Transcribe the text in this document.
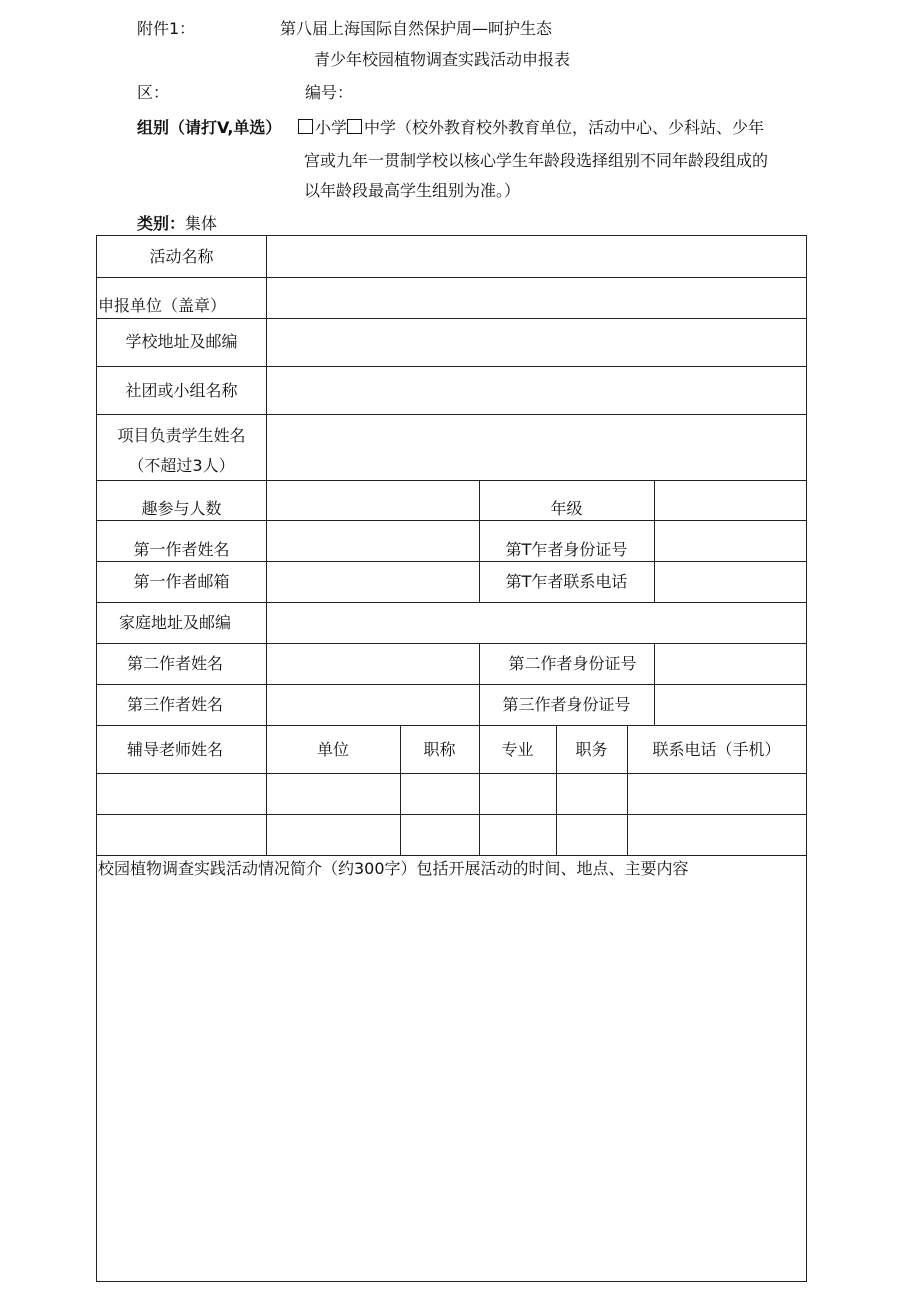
附件1：	第八届上海国际自然保护周—呵护生态
青少年校园植物调查实践活动申报表
区：	编号：
组别（请打V,单选）	小学 中学（校外教育校外教育单位，活动中心、少科站、少年
宫或九年一贯制学校以核心学生年龄段选择组别不同年龄段组成的
以年龄段最高学生组别为准。）
类别：集体
活动名称
申报单位（盖章）
学校地址及邮编
社团或小组名称
项目负责学生姓名
（不超过3人）
趣参与人数	年级
第一作者姓名	第T乍者身份证号
第一作者邮箱	第T乍者联系电话
家庭地址及邮编
第二作者姓名	第二作者身份证号
第三作者姓名	第三作者身份证号
辅导老师姓名	单位	职称	专业	职务	联系电话（手机）
校园植物调查实践活动情况简介（约300字）包括开展活动的时间、地点、主要内容
